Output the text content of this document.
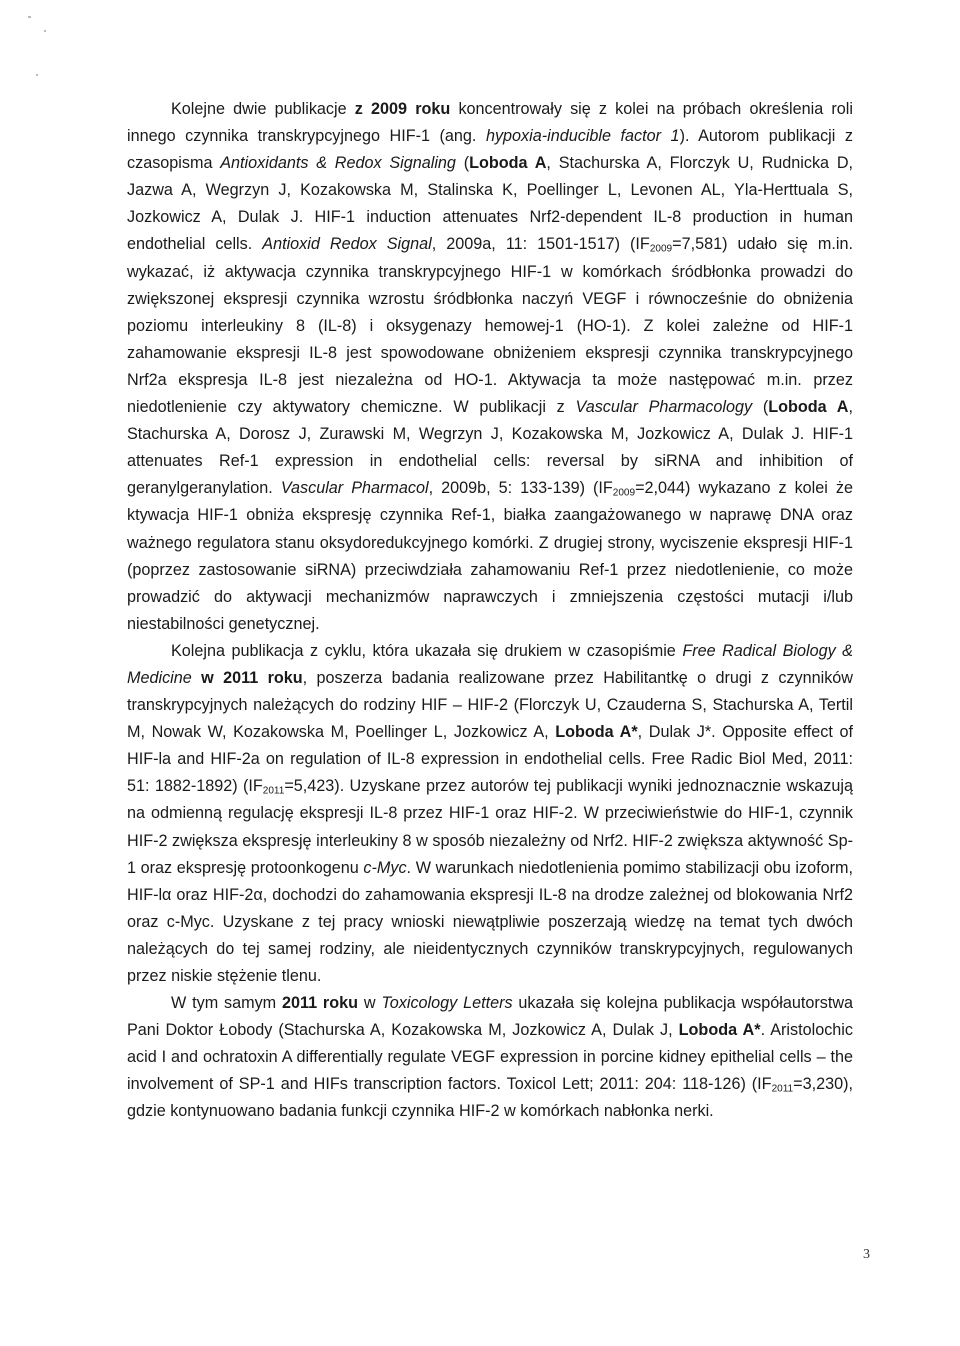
Kolejne dwie publikacje z 2009 roku koncentrowały się z kolei na próbach określenia roli innego czynnika transkrypcyjnego HIF-1 (ang. hypoxia-inducible factor 1). Autorom publikacji z czasopisma Antioxidants & Redox Signaling (Loboda A, Stachurska A, Florczyk U, Rudnicka D, Jazwa A, Wegrzyn J, Kozakowska M, Stalinska K, Poellinger L, Levonen AL, Yla-Herttuala S, Jozkowicz A, Dulak J. HIF-1 induction attenuates Nrf2-dependent IL-8 production in human endothelial cells. Antioxid Redox Signal, 2009a, 11: 1501-1517) $(IF_{2009}=7,581)$ udało się m.in. wykazać, iż aktywacja czynnika transkrypcyjnego HIF-1 w komórkach śródbłonka prowadzi do zwiększonej ekspresji czynnika wzrostu śródbłonka naczyń VEGF i równocześnie do obniżenia poziomu interleukiny 8 (IL-8) i oksygenazy hemowej-1 (HO-1). Z kolei zależne od HIF-1 zahamowanie ekspresji IL-8 jest spowodowane obniżeniem ekspresji czynnika transkrypcyjnego Nrf2a ekspresja IL-8 jest niezależna od HO-1. Aktywacja ta może następować m.in. przez niedotlenienie czy aktywatory chemiczne. W publikacji z Vascular Pharmacology (Loboda A, Stachurska A, Dorosz J, Zurawski M, Wegrzyn J, Kozakowska M, Jozkowicz A, Dulak J. HIF-1 attenuates Ref-1 expression in endothelial cells: reversal by siRNA and inhibition of geranylgeranylation. Vascular Pharmacol, 2009b, 5: 133-139) $(IF_{2009}=2,044)$ wykazano z kolei że ktywacja HIF-1 obniża ekspresję czynnika Ref-1, białka zaangażowanego w naprawę DNA oraz ważnego regulatora stanu oksydoredukcyjnego komórki. Z drugiej strony, wyciszenie ekspresji HIF-1 (poprzez zastosowanie siRNA) przeciwdziała zahamowaniu Ref-1 przez niedotlenienie, co może prowadzić do aktywacji mechanizmów naprawczych i zmniejszenia częstości mutacji i/lub niestabilności genetycznej.

Kolejna publikacja z cyklu, która ukazała się drukiem w czasopiśmie Free Radical Biology & Medicine w 2011 roku, poszerza badania realizowane przez Habilitantkę o drugi z czynników transkrypcyjnych należących do rodziny HIF – HIF-2 (Florczyk U, Czauderna S, Stachurska A, Tertil M, Nowak W, Kozakowska M, Poellinger L, Jozkowicz A, Loboda A*, Dulak J*. Opposite effect of HIF-la and HIF-2a on regulation of IL-8 expression in endothelial cells. Free Radic Biol Med, 2011: 51: 1882-1892) $(IF_{2011}=5,423)$. Uzyskane przez autorów tej publikacji wyniki jednoznacznie wskazują na odmienną regulację ekspresji IL-8 przez HIF-1 oraz HIF-2. W przeciwieństwie do HIF-1, czynnik HIF-2 zwiększa ekspresję interleukiny 8 w sposób niezależny od Nrf2. HIF-2 zwiększa aktywność Sp-1 oraz ekspresję protoonkogenu c-Myc. W warunkach niedotlenienia pomimo stabilizacji obu izoform, HIF-lα oraz HIF-2α, dochodzi do zahamowania ekspresji IL-8 na drodze zależnej od blokowania Nrf2 oraz c-Myc. Uzyskane z tej pracy wnioski niewątpliwie poszerzają wiedzę na temat tych dwóch należących do tej samej rodziny, ale nieidentycznych czynników transkrypcyjnych, regulowanych przez niskie stężenie tlenu.

W tym samym 2011 roku w Toxicology Letters ukazała się kolejna publikacja współautorstwa Pani Doktor Łobody (Stachurska A, Kozakowska M, Jozkowicz A, Dulak J, Loboda A*. Aristolochic acid I and ochratoxin A differentially regulate VEGF expression in porcine kidney epithelial cells – the involvement of SP-1 and HIFs transcription factors. Toxicol Lett; 2011: 204: 118-126) $(IF_{2011}=3,230)$, gdzie kontynuowano badania funkcji czynnika HIF-2 w komórkach nabłonka nerki.

3
